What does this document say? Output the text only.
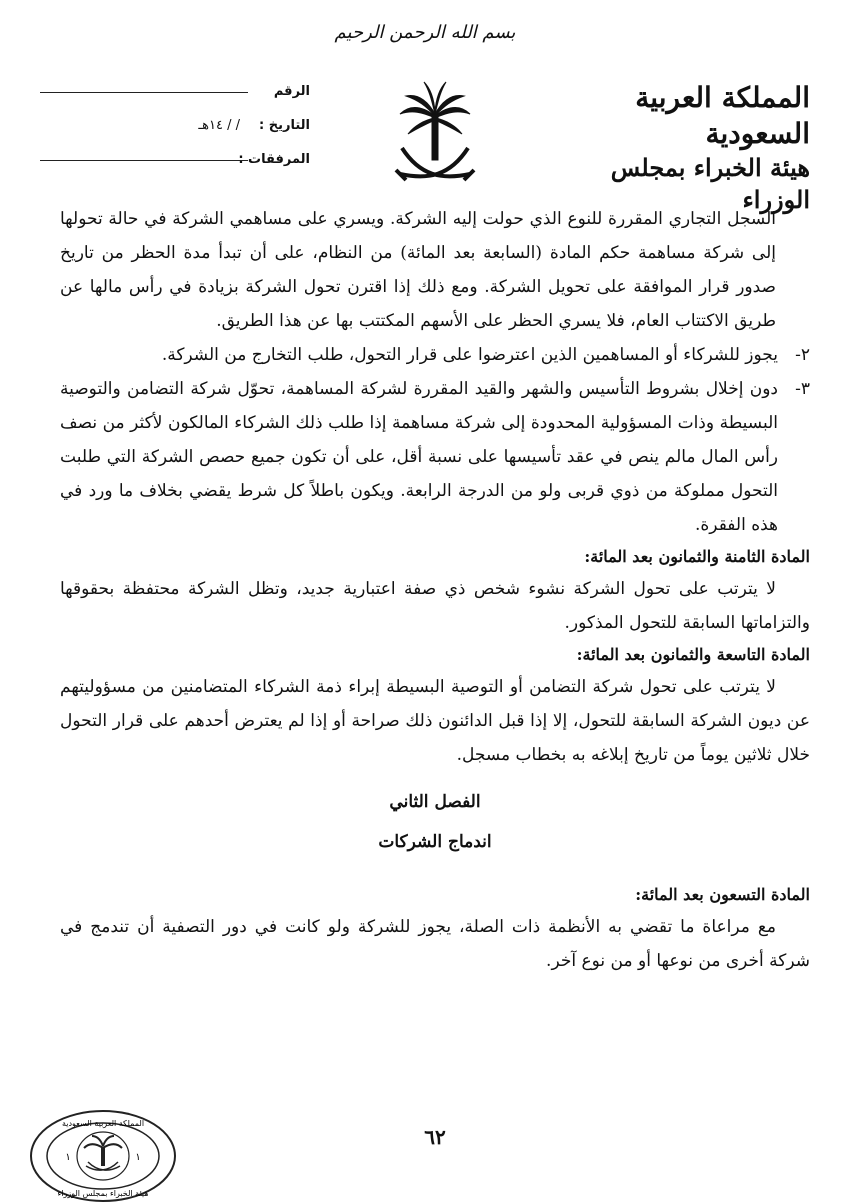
بسم الله الرحمن الرحيم
المملكة العربية السعودية
هيئة الخبراء بمجلس الوزراء
الرقم
التاريخ :
/ / ١٤هـ
المرفقات :

السجل التجاري المقررة للنوع الذي حولت إليه الشركة. ويسري على مساهمي الشركة في حالة تحولها إلى شركة مساهمة حكم المادة (السابعة بعد المائة) من النظام، على أن تبدأ مدة الحظر من تاريخ صدور قرار الموافقة على تحويل الشركة. ومع ذلك إذا اقترن تحول الشركة بزيادة في رأس مالها عن طريق الاكتتاب العام، فلا يسري الحظر على الأسهم المكتتب بها عن هذا الطريق.

٢-
يجوز للشركاء أو المساهمين الذين اعترضوا على قرار التحول، طلب التخارج من الشركة.
٣-
دون إخلال بشروط التأسيس والشهر والقيد المقررة لشركة المساهمة، تحوّل شركة التضامن والتوصية البسيطة وذات المسؤولية المحدودة إلى شركة مساهمة إذا طلب ذلك الشركاء المالكون لأكثر من نصف رأس المال مالم ينص في عقد تأسيسها على نسبة أقل، على أن تكون جميع حصص الشركة التي طلبت التحول مملوكة من ذوي قربى ولو من الدرجة الرابعة. ويكون باطلاً كل شرط يقضي بخلاف ما ورد في هذه الفقرة.

المادة الثامنة والثمانون بعد المائة:

لا يترتب على تحول الشركة نشوء شخص ذي صفة اعتبارية جديد، وتظل الشركة محتفظة بحقوقها والتزاماتها السابقة للتحول المذكور.

المادة التاسعة والثمانون بعد المائة:

لا يترتب على تحول شركة التضامن أو التوصية البسيطة إبراء ذمة الشركاء المتضامنين من مسؤوليتهم عن ديون الشركة السابقة للتحول، إلا إذا قبل الدائنون ذلك صراحة أو إذا لم يعترض أحدهم على قرار التحول خلال ثلاثين يوماً من تاريخ إبلاغه به بخطاب مسجل.

الفصل الثاني

اندماج الشركات

المادة التسعون بعد المائة:

مع مراعاة ما تقضي به الأنظمة ذات الصلة، يجوز للشركة ولو كانت في دور التصفية أن تندمج في شركة أخرى من نوعها أو من نوع آخر.

٦٢
المملكة العربية السعودية
هيئة الخبراء بمجلس الوزراء
١	١
